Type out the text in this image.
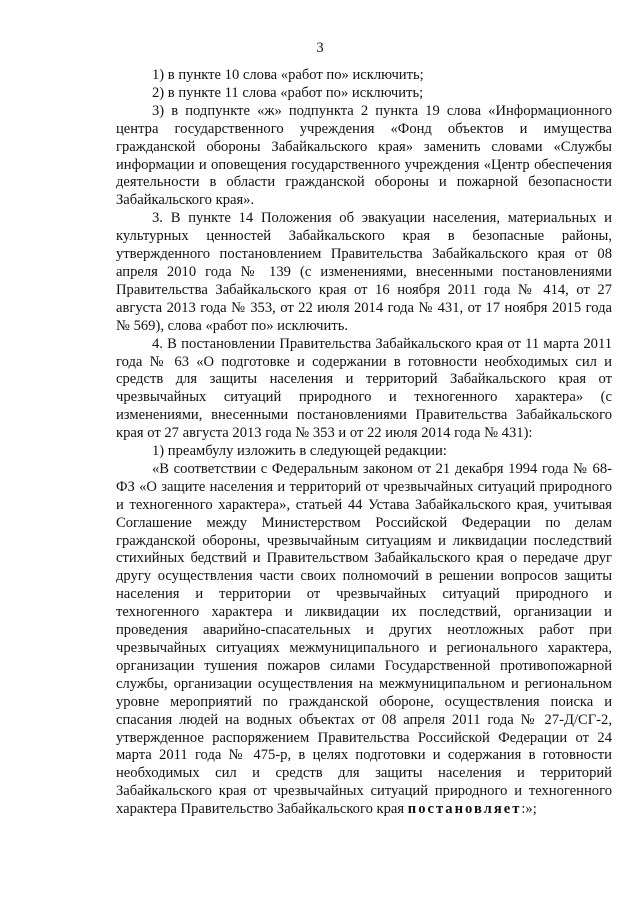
3

1) в пункте 10 слова «работ по» исключить;

2) в пункте 11 слова «работ по» исключить;

3) в подпункте «ж» подпункта 2 пункта 19 слова «Информационного центра государственного учреждения «Фонд объектов и имущества гражданской обороны Забайкальского края» заменить словами «Службы информации и оповещения государственного учреждения «Центр обеспечения деятельности в области гражданской обороны и пожарной безопасности Забайкальского края».

3. В пункте 14 Положения об эвакуации населения, материальных и культурных ценностей Забайкальского края в безопасные районы, утвержденного постановлением Правительства Забайкальского края от 08 апреля 2010 года № 139 (с изменениями, внесенными постановлениями Правительства Забайкальского края от 16 ноября 2011 года № 414, от 27 августа 2013 года № 353, от 22 июля 2014 года № 431, от 17 ноября 2015 года № 569), слова «работ по» исключить.

4. В постановлении Правительства Забайкальского края от 11 марта 2011 года № 63 «О подготовке и содержании в готовности необходимых сил и средств для защиты населения и территорий Забайкальского края от чрезвычайных ситуаций природного и техногенного характера» (с изменениями, внесенными постановлениями Правительства Забайкальского края от 27 августа 2013 года № 353 и от 22 июля 2014 года № 431):

1) преамбулу изложить в следующей редакции:

«В соответствии с Федеральным законом от 21 декабря 1994 года № 68-ФЗ «О защите населения и территорий от чрезвычайных ситуаций природного и техногенного характера», статьей 44 Устава Забайкальского края, учитывая Соглашение между Министерством Российской Федерации по делам гражданской обороны, чрезвычайным ситуациям и ликвидации последствий стихийных бедствий и Правительством Забайкальского края о передаче друг другу осуществления части своих полномочий в решении вопросов защиты населения и территории от чрезвычайных ситуаций природного и техногенного характера и ликвидации их последствий, организации и проведения аварийно-спасательных и других неотложных работ при чрезвычайных ситуациях межмуниципального и регионального характера, организации тушения пожаров силами Государственной противопожарной службы, организации осуществления на межмуниципальном и региональном уровне мероприятий по гражданской обороне, осуществления поиска и спасания людей на водных объектах от 08 апреля 2011 года № 27-Д/СГ-2, утвержденное распоряжением Правительства Российской Федерации от 24 марта 2011 года № 475-р, в целях подготовки и содержания в готовности необходимых сил и средств для защиты населения и территорий Забайкальского края от чрезвычайных ситуаций природного и техногенного характера Правительство Забайкальского края постановляет:»;
